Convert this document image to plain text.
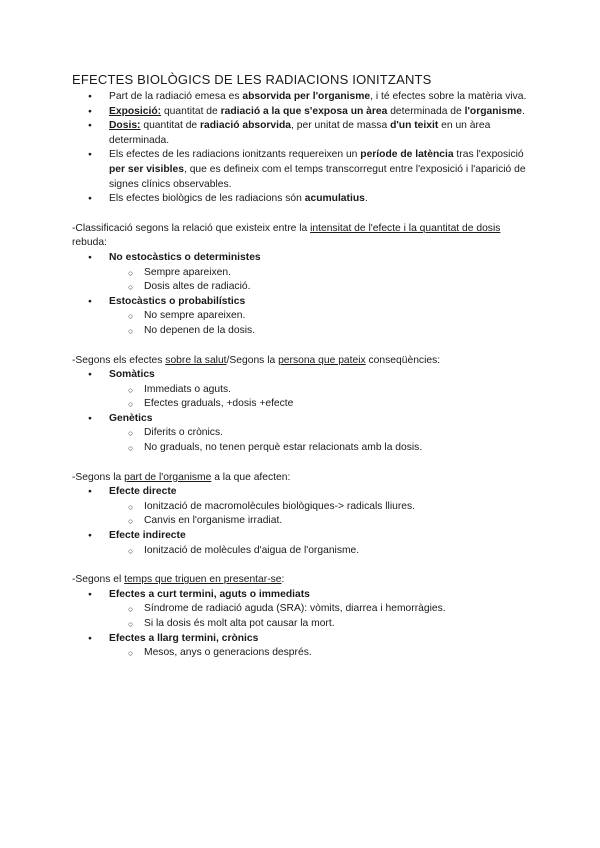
EFECTES BIOLÒGICS DE LES RADIACIONS IONITZANTS
● Part de la radiació emesa es absorvida per l'organisme, i té efectes sobre la matèria viva.
● Exposició: quantitat de radiació a la que s'exposa un àrea determinada de l'organisme.
● Dosis: quantitat de radiació absorvida, per unitat de massa d'un teixit en un àrea determinada.
● Els efectes de les radiacions ionitzants requereixen un període de latència tras l'exposició per ser visibles, que es defineix com el temps transcorregut entre l'exposició i l'aparició de signes clínics observables.
● Els efectes biològics de les radiacions són acumulatius.
-Classificació segons la relació que existeix entre la intensitat de l'efecte i la quantitat de dosis rebuda:
● No estocàstics o deterministes
○ Sempre apareixen.
○ Dosis altes de radiació.
● Estocàstics o probabilístics
○ No sempre apareixen.
○ No depenen de la dosis.
-Segons els efectes sobre la salut/Segons la persona que pateix conseqüències:
● Somàtics
○ Immediats o aguts.
○ Efectes graduals, +dosis +efecte
● Genètics
○ Diferits o crònics.
○ No graduals, no tenen perquè estar relacionats amb la dosis.
-Segons la part de l'organisme a la que afecten:
● Efecte directe
○ Ionització de macromolècules biològiques-> radicals lliures.
○ Canvis en l'organisme irradiat.
● Efecte indirecte
○ Ionització de molècules d'aigua de l'organisme.
-Segons el temps que triguen en presentar-se:
● Efectes a curt termini, aguts o immediats
○ Síndrome de radiació aguda (SRA): vòmits, diarrea i hemorràgies.
○ Si la dosis és molt alta pot causar la mort.
● Efectes a llarg termini, crònics
○ Mesos, anys o generacions després.
